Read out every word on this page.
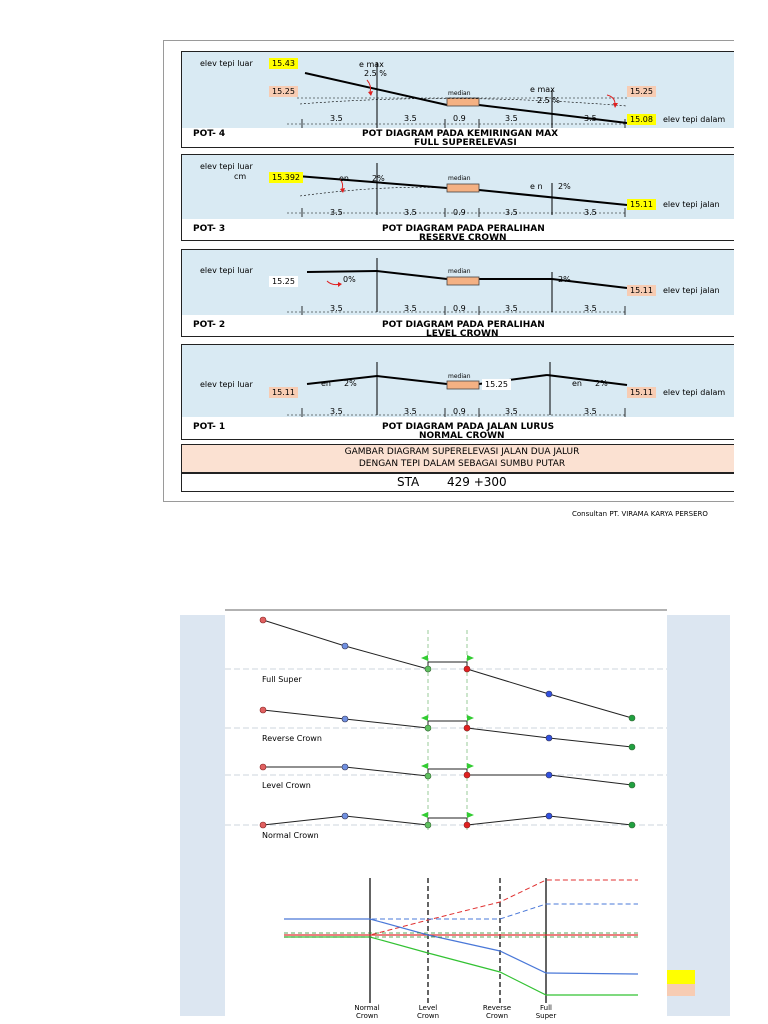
elev tepi luar	e max
2.5 %
median	e max
2.5 %
3.5	3.5	0.9	3.5	3.5
POT- 4	POT DIAGRAM PADA KEMIRINGAN MAX
FULL SUPERELEVASI
15.43
15.25	15.25
15.08	elev tepi dalam
elev tepi luar
cm	en	2%	median
e n 2%
3.5	3.5	0.9	3.5	3.5
POT- 3	POT DIAGRAM PADA PERALIHAN
RESERVE CROWN
15.392
15.11	elev tepi jalan
elev tepi luar
0%
median
2%
3.5	3.5	0.9	3.5	3.5
POT- 2	POT DIAGRAM PADA PERALIHAN
LEVEL CROWN
15.25
15.11	elev tepi jalan
elev tepi luar	en 2%
median
en 2%
3.5	3.5	0.9	3.5	3.5
POT- 1	POT DIAGRAM PADA JALAN LURUS
NORMAL CROWN
15.11
15.25
15.11	elev tepi dalam
GAMBAR DIAGRAM SUPERELEVASI JALAN DUA JALUR
DENGAN TEPI DALAM SEBAGAI SUMBU PUTAR
STA 429 +300
Consultan PT. VIRAMA KARYA PERSERO
Full Super
Reverse Crown
Level Crown
Normal Crown
Normal
Crown
Level
Crown
Reverse
Crown
Full
Super
